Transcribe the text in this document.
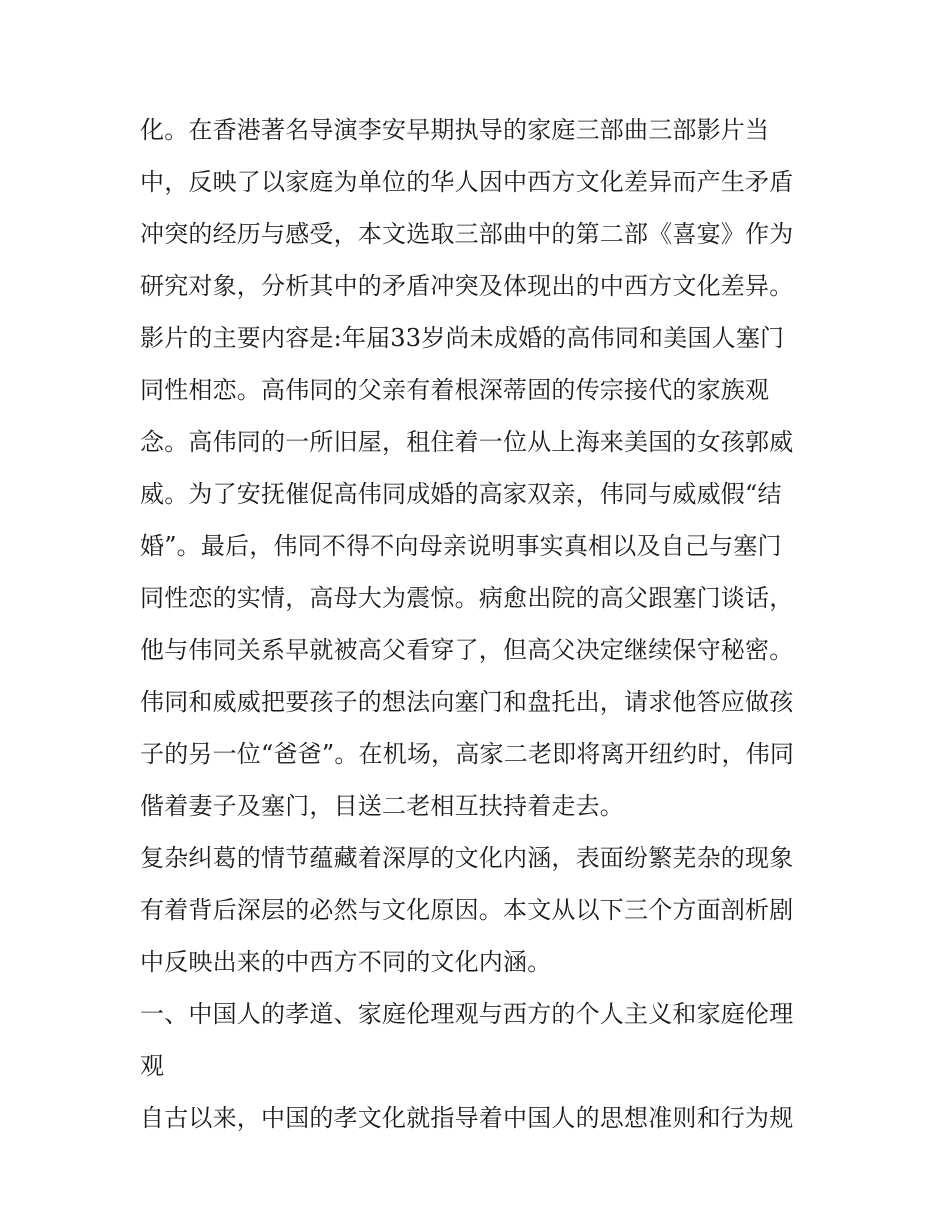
化。在香港著名导演李安早期执导的家庭三部曲三部影片当
中，反映了以家庭为单位的华人因中西方文化差异而产生矛盾
冲突的经历与感受，本文选取三部曲中的第二部《喜宴》作为
研究对象，分析其中的矛盾冲突及体现出的中西方文化差异。
影片的主要内容是:年届33岁尚未成婚的高伟同和美国人塞门
同性相恋。高伟同的父亲有着根深蒂固的传宗接代的家族观
念。高伟同的一所旧屋，租住着一位从上海来美国的女孩郭威
威。为了安抚催促高伟同成婚的高家双亲，伟同与威威假“结
婚”。最后，伟同不得不向母亲说明事实真相以及自己与塞门
同性恋的实情，高母大为震惊。病愈出院的高父跟塞门谈话，
他与伟同关系早就被高父看穿了，但高父决定继续保守秘密。
伟同和威威把要孩子的想法向塞门和盘托出，请求他答应做孩
子的另一位“爸爸”。在机场，高家二老即将离开纽约时，伟同
偕着妻子及塞门，目送二老相互扶持着走去。
复杂纠葛的情节蕴藏着深厚的文化内涵，表面纷繁芜杂的现象
有着背后深层的必然与文化原因。本文从以下三个方面剖析剧
中反映出来的中西方不同的文化内涵。
一、中国人的孝道、家庭伦理观与西方的个人主义和家庭伦理
观
自古以来，中国的孝文化就指导着中国人的思想准则和行为规
